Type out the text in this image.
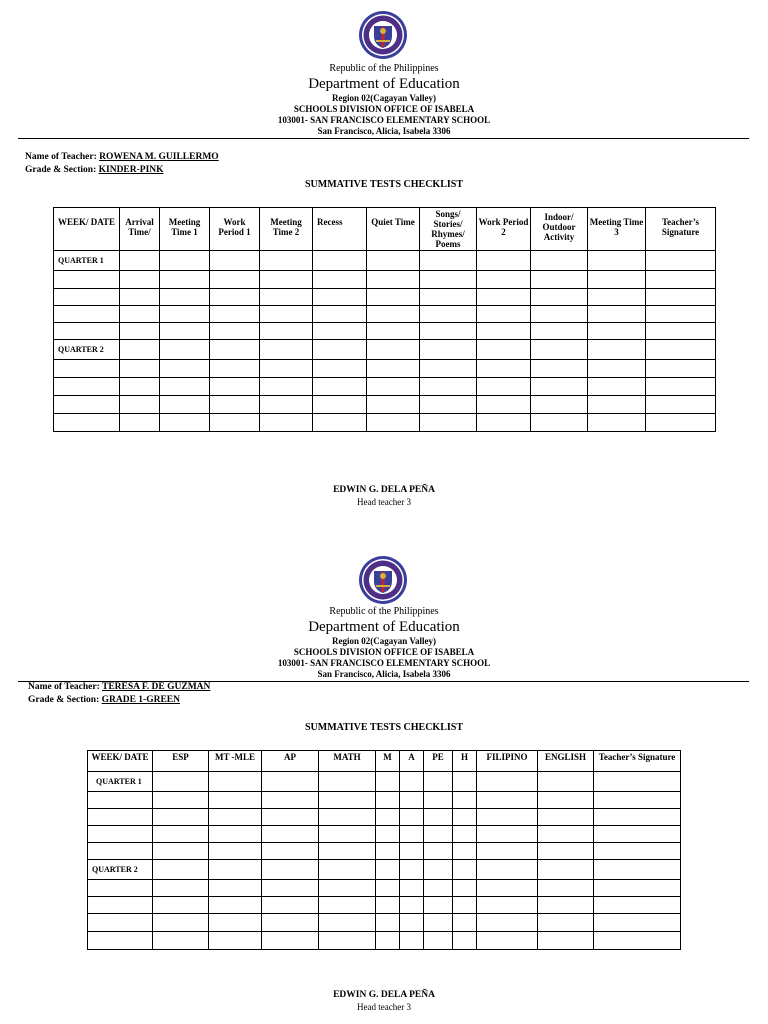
Republic of the Philippines
Department of Education
Region 02(Cagayan Valley)
SCHOOLS DIVISION OFFICE OF ISABELA
103001- SAN FRANCISCO ELEMENTARY SCHOOL
San Francisco, Alicia, Isabela 3306
Name of Teacher: ROWENA M. GUILLERMO
Grade & Section: KINDER-PINK
SUMMATIVE TESTS CHECKLIST
WEEK/ DATE	Arrival Time/	Meeting Time 1	Work Period 1	Meeting Time 2	Recess	Quiet Time	Songs/ Stories/ Rhymes/ Poems	Work Period 2	Indoor/ Outdoor Activity	Meeting Time 3	Teacher’s Signature
QUARTER 1											

QUARTER 2											

EDWIN G. DELA PEÑA
Head teacher 3
Republic of the Philippines
Department of Education
Region 02(Cagayan Valley)
SCHOOLS DIVISION OFFICE OF ISABELA
103001- SAN FRANCISCO ELEMENTARY SCHOOL
San Francisco, Alicia, Isabela 3306
Name of Teacher: TERESA F. DE GUZMAN
Grade & Section: GRADE 1-GREEN
SUMMATIVE TESTS CHECKLIST
WEEK/ DATE	ESP	MT -MLE	AP	MATH	M	A	PE	H	FILIPINO	ENGLISH	Teacher’s Signature
QUARTER 1											

QUARTER 2											

EDWIN G. DELA PEÑA
Head teacher 3
